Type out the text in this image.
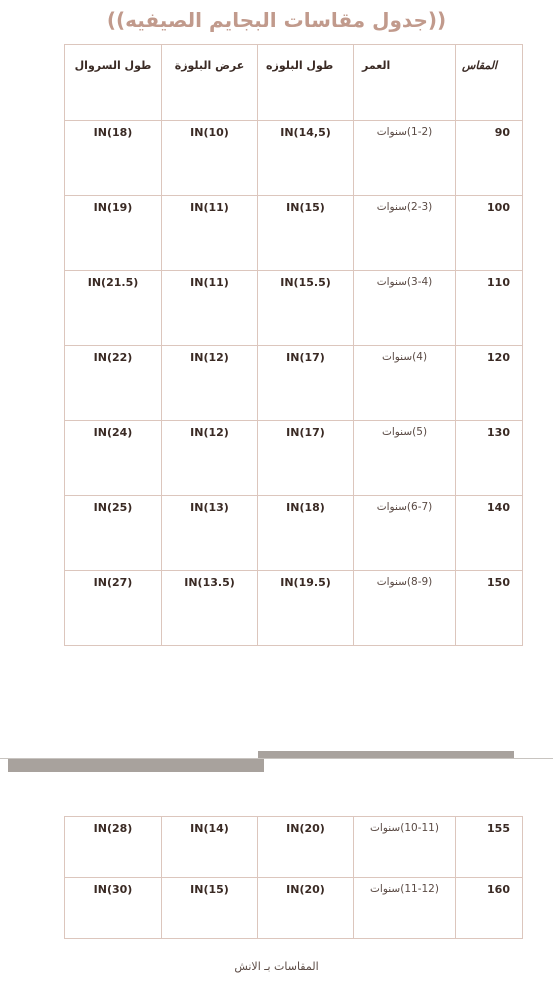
((جدول مقاسات البجايم الصيفيه))
المقاس	العمر	طول البلوزه	عرض البلوزة	طول السروال

90	(1-2)سنوات	IN(14,5)	IN(10)	IN(18)

100	(2-3)سنوات	IN(15)	IN(11)	IN(19)

110	(3-4)سنوات	IN(15.5)	IN(11)	IN(21.5)

120	(4)سنوات	IN(17)	IN(12)	IN(22)

130	(5)سنوات	IN(17)	IN(12)	IN(24)

140	(6-7)سنوات	IN(18)	IN(13)	IN(25)

150	(8-9)سنوات	IN(19.5)	IN(13.5)	IN(27)
155	(10-11)سنوات	IN(20)	IN(14)	IN(28)

160	(11-12)سنوات	IN(20)	IN(15)	IN(30)
المقاسات بـ الانش
